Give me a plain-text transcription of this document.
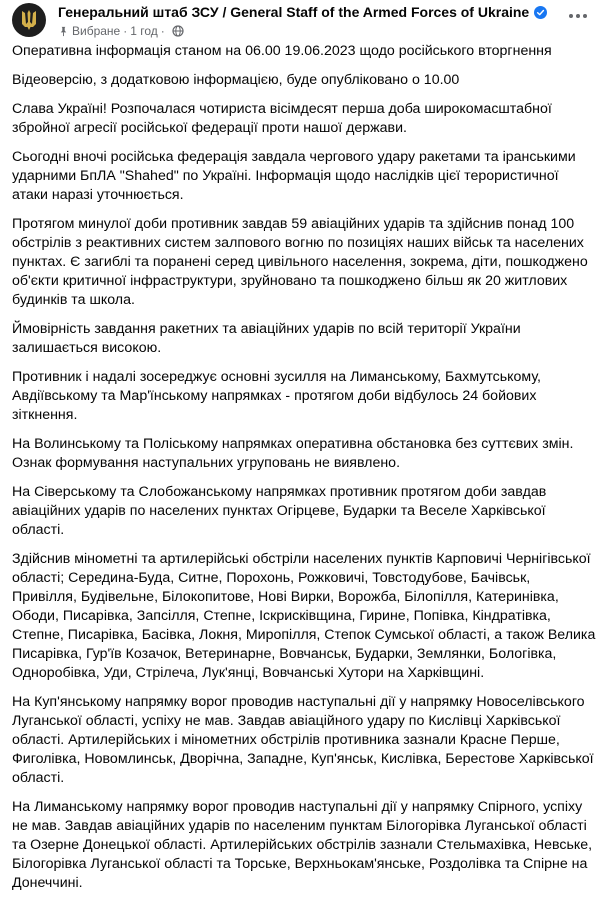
Генеральний штаб ЗСУ / General Staff of the Armed Forces of Ukraine
Вибране · 1 год ·

Оперативна інформація станом на 06.00 19.06.2023 щодо російського вторгнення

Відеоверсію, з додатковою інформацією, буде опубліковано о 10.00

Слава Україні! Розпочалася чотириста вісімдесят перша доба широкомасштабної збройної агресії російської федерації проти нашої держави.

Сьогодні вночі російська федерація завдала чергового удару ракетами та іранськими ударними БпЛА "Shahed" по Україні. Інформація щодо наслідків цієї терористичної атаки наразі уточнюється.

Протягом минулої доби противник завдав 59 авіаційних ударів та здійснив понад 100 обстрілів з реактивних систем залпового вогню по позиціях наших військ та населених пунктах. Є загиблі та поранені серед цивільного населення, зокрема, діти, пошкоджено об'єкти критичної інфраструктури, зруйновано та пошкоджено більш як 20 житлових будинків та школа.

Ймовірність завдання ракетних та авіаційних ударів по всій території України залишається високою.

Противник і надалі зосереджує основні зусилля на Лиманському, Бахмутському, Авдіївському та Мар'їнському напрямках - протягом доби відбулось 24 бойових зіткнення.

На Волинському та Поліському напрямках оперативна обстановка без суттєвих змін. Ознак формування наступальних угруповань не виявлено.

На Сіверському та Слобожанському напрямках противник протягом доби завдав авіаційних ударів по населених пунктах Огірцеве, Бударки та Веселе Харківської області.

Здійснив мінометні та артилерійські обстріли населених пунктів Карповичі Чернігівської області; Середина-Буда, Ситне, Порохонь, Рожковичі, Товстодубове, Бачівськ, Привілля, Будівельне, Білокопитове, Нові Вирки, Ворожба, Білопілля, Катеринівка, Ободи, Писарівка, Запсілля, Степне, Іскрисківщина, Гирине, Попівка, Кіндратівка, Степне, Писарівка, Басівка, Локня, Миропілля, Степок Сумської області, а також Велика Писарівка, Гур'їв Козачок, Ветеринарне, Вовчанськ, Бударки, Землянки, Бологівка, Одноробівка, Уди, Стрілеча, Лук'янці, Вовчанські Хутори на Харківщині.

На Куп'янському напрямку ворог проводив наступальні дії у напрямку Новоселівського Луганської області, успіху не мав. Завдав авіаційного удару по Кислівці Харківської області. Артилерійських і мінометних обстрілів противника зазнали Красне Перше, Фиголівка, Новомлинськ, Дворічна, Западне, Куп'янськ, Кислівка, Берестове Харківської області.

На Лиманському напрямку ворог проводив наступальні дії у напрямку Спірного, успіху не мав. Завдав авіаційних ударів по населеним пунктам Білогорівка Луганської області та Озерне Донецької області. Артилерійських обстрілів зазнали Стельмахівка, Невське, Білогорівка Луганської області та Торське, Верхньокам'янське, Роздолівка та Спірне на Донеччині.
